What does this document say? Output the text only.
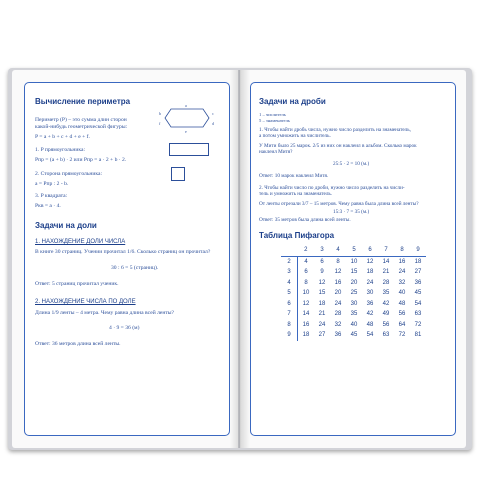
Вычисление периметра
Периметр (P) – это сумма длин сторон
какой-нибудь геометрической фигуры:
P = a + b + c + d + e + f.
a
b	c
d
e
f
1. P прямоугольника:
Pпр = (a + b) · 2 или Pпр = a · 2 + b · 2.
2. Сторона прямоугольника:
a = Pпр : 2 - b.
3. P квадрата:
Pкв = a · 4.
Задачи на доли
1. НАХОЖДЕНИЕ ДОЛИ ЧИСЛА
В книге 30 страниц. Учении прочитал 1/6. Сколько страниц он прочитал?
30 : 6 = 5 (страниц).
Ответ: 5 страниц прочитал ученик.
2. НАХОЖДЕНИЕ ЧИСЛА ПО ДОЛЕ
Длина 1/9 ленты – 4 метра. Чему равна длина всей ленты?
4 · 9 = 36 (м)
Ответ: 36 метров длина всей ленты.
Задачи на дроби
1 – числитель
5 – знаменатель
1. Чтобы найти дробь числа, нужно число разделить на знаменатель,
а потом умножить на числитель.
У Мити было 25 марок. 2/5 из них он наклеил в альбом. Сколько марок
наклеил Митя?
25:5 · 2 = 10 (м.)
Ответ: 10 марок наклеил Митя.
2. Чтобы найти число по дроби, нужно число разделить на числи-
тель и умножить на знаменатель.
От ленты отрезали 3/7 – 15 метров. Чему равна была длина всей ленты?
15:3 · 7 = 35 (м.)
Ответ: 35 метров была длина всей ленты.
Таблица Пифагора
	2	3	4	5	6	7	8	9
2	4	6	8	10	12	14	16	18
3	6	9	12	15	18	21	24	27
4	8	12	16	20	24	28	32	36
5	10	15	20	25	30	35	40	45
6	12	18	24	30	36	42	48	54
7	14	21	28	35	42	49	56	63
8	16	24	32	40	48	56	64	72
9	18	27	36	45	54	63	72	81
